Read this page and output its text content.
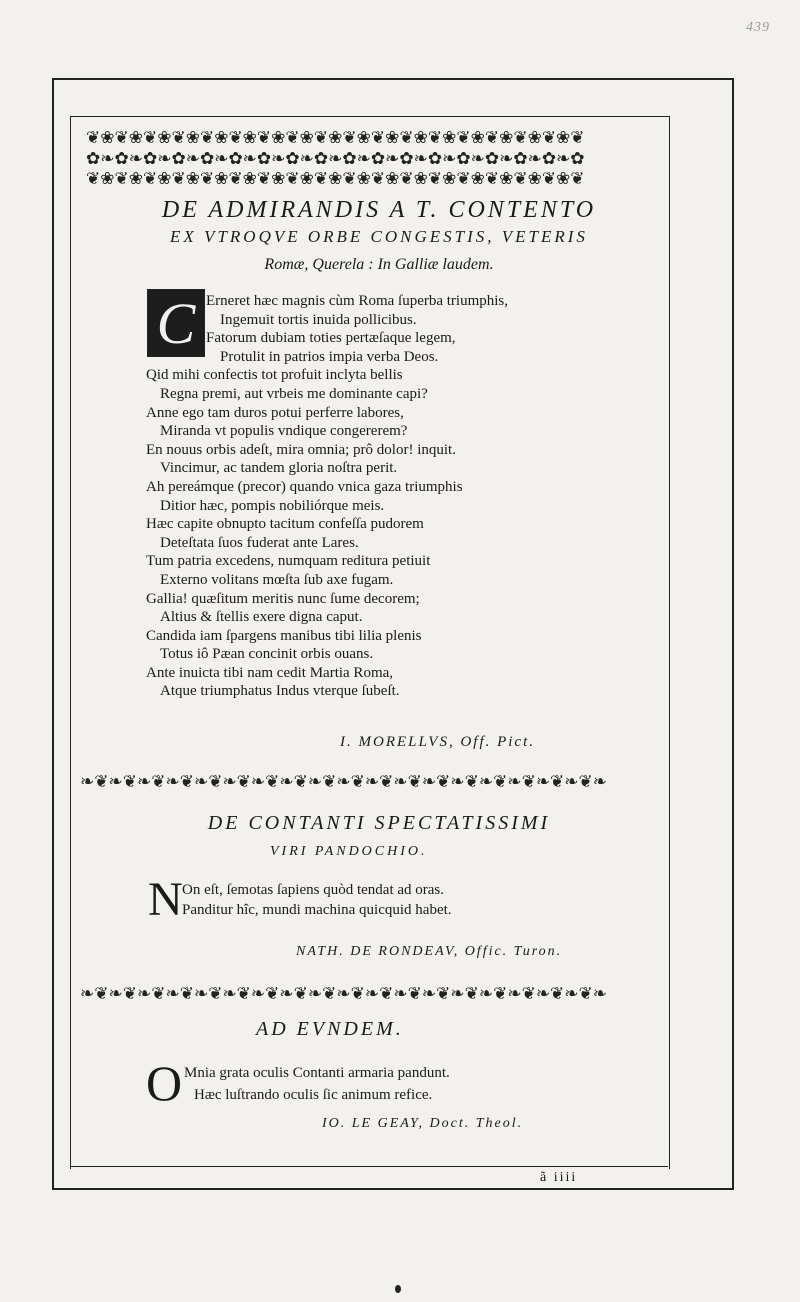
439
❦❀❦❀❦❀❦❀❦❀❦❀❦❀❦❀❦❀❦❀❦❀❦❀❦❀❦❀❦❀❦❀❦❀❦
✿❧✿❧✿❧✿❧✿❧✿❧✿❧✿❧✿❧✿❧✿❧✿❧✿❧✿❧✿❧✿❧✿❧✿
❦❀❦❀❦❀❦❀❦❀❦❀❦❀❦❀❦❀❦❀❦❀❦❀❦❀❦❀❦❀❦❀❦❀❦
DE ADMIRANDIS A T. CONTENTO
EX VTROQVE ORBE CONGESTIS, VETERIS
Romæ, Querela : In Galliæ laudem.
C Erneret hæc magnis cùm Roma ſuperba triumphis,
Ingemuit tortis inuida pollicibus.
Fatorum dubiam toties pertæſaque legem,
Protulit in patrios impia verba Deos.
Qid mihi confectis tot profuit inclyta bellis
Regna premi, aut vrbeis me dominante capi?
Anne ego tam duros potui perferre labores,
Miranda vt populis vndique congererem?
En nouus orbis adeſt, mira omnia; prô dolor! inquit.
Vincimur, ac tandem gloria noſtra perit.
Ah pereámque (precor) quando vnica gaza triumphis
Ditior hæc, pompis nobiliórque meis.
Hæc capite obnupto tacitum confeſſa pudorem
Deteſtata ſuos fuderat ante Lares.
Tum patria excedens, numquam reditura petiuit
Externo volitans mœſta ſub axe fugam.
Gallia! quæſitum meritis nunc ſume decorem;
Altius & ſtellis exere digna caput.
Candida iam ſpargens manibus tibi lilia plenis
Totus iô Pæan concinit orbis ouans.
Ante inuicta tibi nam cedit Martia Roma,
Atque triumphatus Indus vterque ſubeſt.
I. MORELLVS, Off. Pict.
❧❦❧❦❧❦❧❦❧❦❧❦❧❦❧❦❧❦❧❦❧❦❧❦❧❦❧❦❧❦❧❦❧❦❧❦❧
DE CONTANTI SPECTATISSIMI
VIRI PANDOCHIO.
N On eſt, ſemotas ſapiens quòd tendat ad oras.
Panditur hîc, mundi machina quicquid habet.
NATH. DE RONDEAV, Offic. Turon.
❧❦❧❦❧❦❧❦❧❦❧❦❧❦❧❦❧❦❧❦❧❦❧❦❧❦❧❦❧❦❧❦❧❦❧❦❧
AD EVNDEM.
O Mnia grata oculis Contanti armaria pandunt.
Hæc luſtrando oculis ſic animum refice.
IO. LE GEAY, Doct. Theol.
ã iiii
